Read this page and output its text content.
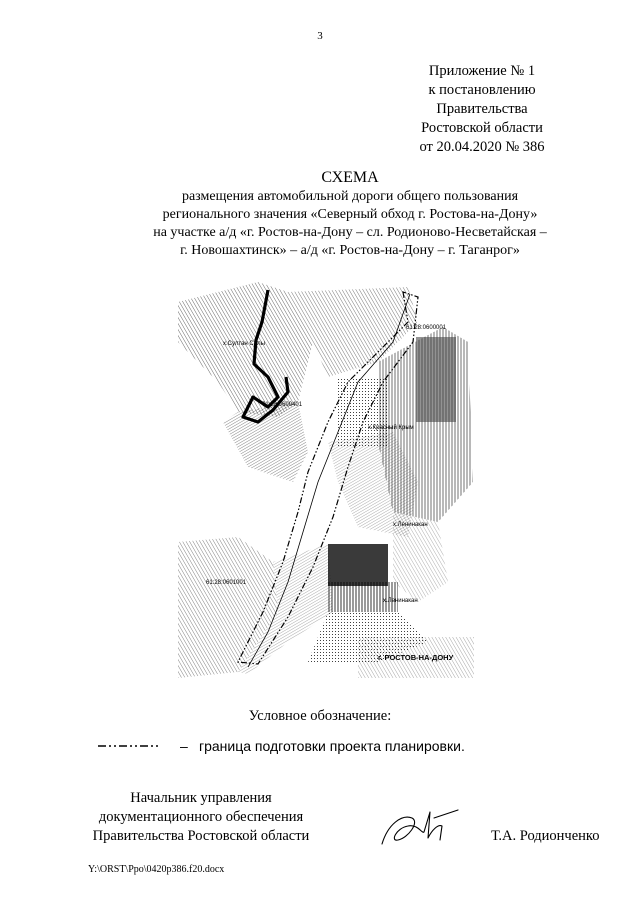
3
Приложение № 1
к постановлению
Правительства
Ростовской области
от 20.04.2020 № 386
СХЕМА
размещения автомобильной дороги общего пользования
регионального значения «Северный обход г. Ростова-на-Дону»
на участке а/д «г. Ростов-на-Дону – сл. Родионово-Несветайская –
г. Новошахтинск» – а/д «г. Ростов-на-Дону – г. Таганрог»
61:28:0600001
x.Султан Салы
61:28:0600401
x.Красный Крым
х.Ленинакан
61:28:0601001
х.Ленинакан
г. РОСТОВ-НА-ДОНУ
Условное обозначение:
– граница подготовки проекта планировки.
Начальник управления
документационного обеспечения
Правительства Ростовской области	Т.А. Родионченко
Y:\ORST\Ppo\0420p386.f20.docx
